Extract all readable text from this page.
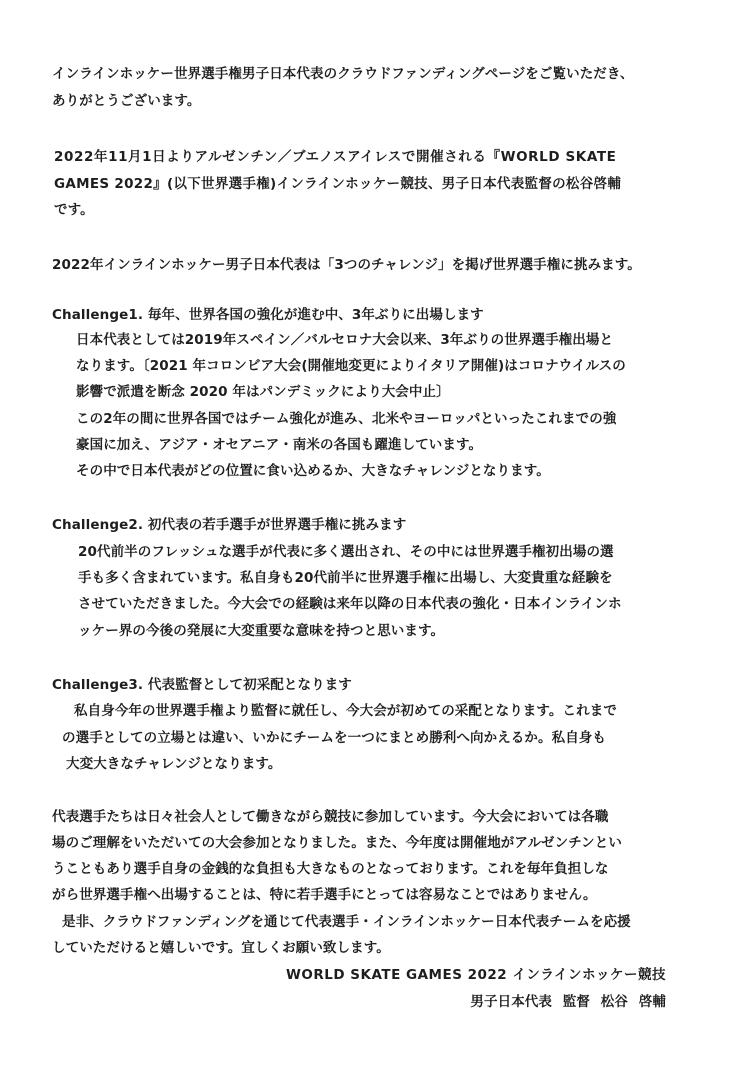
インラインホッケー世界選手権男子日本代表のクラウドファンディングページをご覧いただき、
ありがとうございます。
2022年11月1日よりアルゼンチン／ブエノスアイレスで開催される『WORLD SKATE
GAMES 2022』(以下世界選手権)インラインホッケー競技、男子日本代表監督の松谷啓輔
です。
2022年インラインホッケー男子日本代表は「3つのチャレンジ」を掲げ世界選手権に挑みます。
Challenge1. 毎年、世界各国の強化が進む中、3年ぶりに出場します
日本代表としては2019年スペイン／バルセロナ大会以来、3年ぶりの世界選手権出場と
なります。〔2021 年コロンビア大会(開催地変更によりイタリア開催)はコロナウイルスの
影響で派遣を断念 2020 年はパンデミックにより大会中止〕
この2年の間に世界各国ではチーム強化が進み、北米やヨーロッパといったこれまでの強
豪国に加え、アジア・オセアニア・南米の各国も躍進しています。
その中で日本代表がどの位置に食い込めるか、大きなチャレンジとなります。
Challenge2. 初代表の若手選手が世界選手権に挑みます
20代前半のフレッシュな選手が代表に多く選出され、その中には世界選手権初出場の選
手も多く含まれています。私自身も20代前半に世界選手権に出場し、大変貴重な経験を
させていただきました。今大会での経験は来年以降の日本代表の強化・日本インラインホ
ッケー界の今後の発展に大変重要な意味を持つと思います。
Challenge3. 代表監督として初采配となります
私自身今年の世界選手権より監督に就任し、今大会が初めての采配となります。これまで
の選手としての立場とは違い、いかにチームを一つにまとめ勝利へ向かえるか。私自身も
大変大きなチャレンジとなります。
代表選手たちは日々社会人として働きながら競技に参加しています。今大会においては各職
場のご理解をいただいての大会参加となりました。また、今年度は開催地がアルゼンチンとい
うこともあり選手自身の金銭的な負担も大きなものとなっております。これを毎年負担しな
がら世界選手権へ出場することは、特に若手選手にとっては容易なことではありません。
是非、クラウドファンディングを通じて代表選手・インラインホッケー日本代表チームを応援
していただけると嬉しいです。宜しくお願い致します。
WORLD SKATE GAMES 2022 インラインホッケー競技
男子日本代表 監督 松谷 啓輔
